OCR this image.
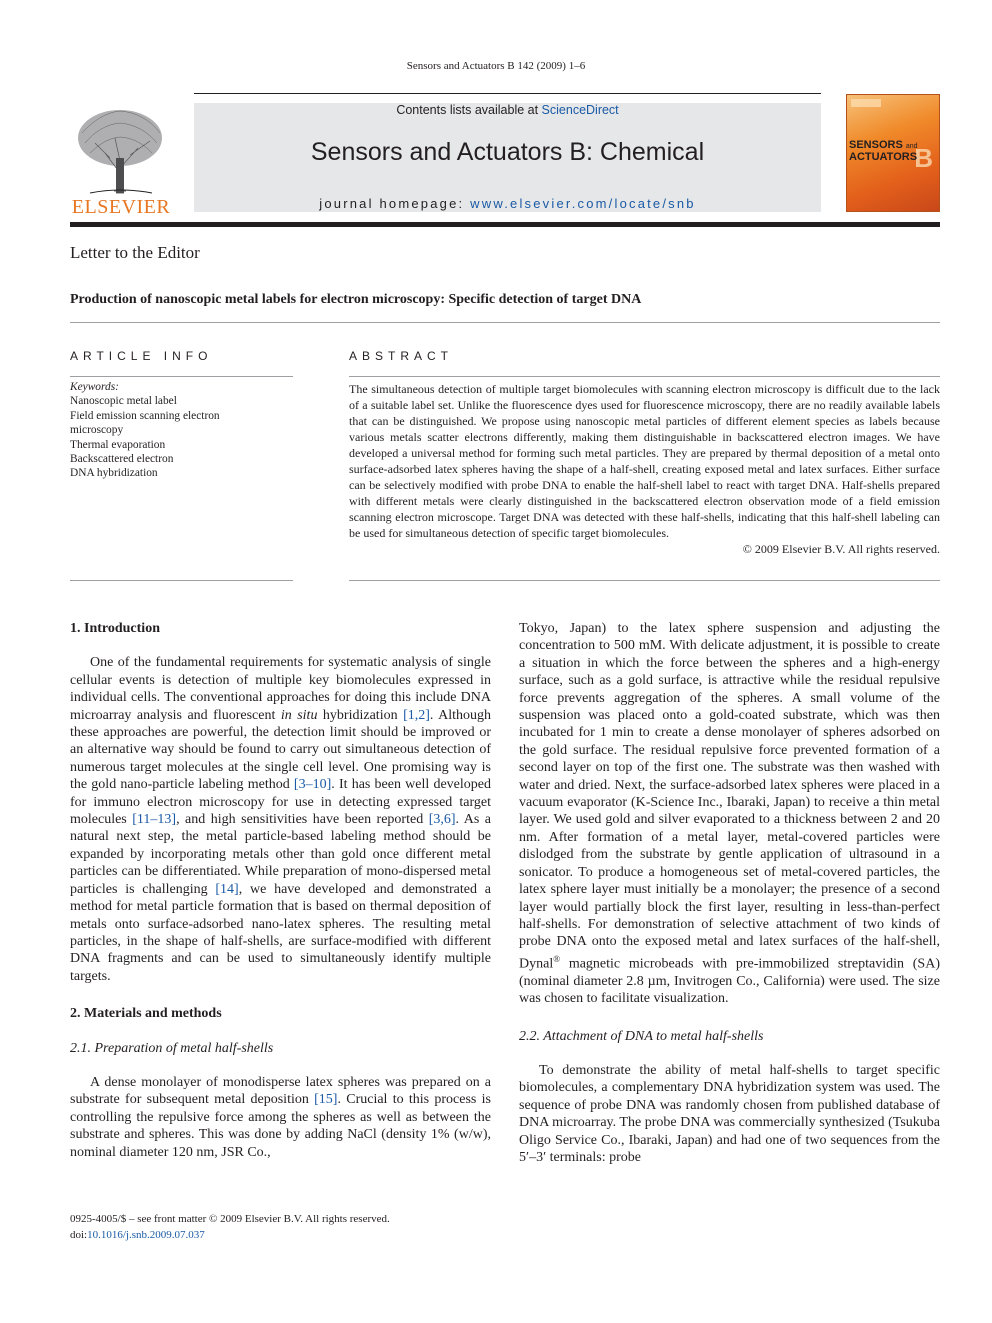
Sensors and Actuators B 142 (2009) 1–6
ELSEVIER
Contents lists available at ScienceDirect
Sensors and Actuators B: Chemical
journal homepage: www.elsevier.com/locate/snb
B
SENSORS and
ACTUATORS
Letter to the Editor
Production of nanoscopic metal labels for electron microscopy: Specific detection of target DNA
ARTICLE INFO
Keywords:
Nanoscopic metal label
Field emission scanning electron
microscopy
Thermal evaporation
Backscattered electron
DNA hybridization
ABSTRACT
The simultaneous detection of multiple target biomolecules with scanning electron microscopy is difficult due to the lack of a suitable label set. Unlike the fluorescence dyes used for fluorescence microscopy, there are no readily available labels that can be distinguished. We propose using nanoscopic metal particles of different element species as labels because various metals scatter electrons differently, making them distinguishable in backscattered electron images. We have developed a universal method for forming such metal particles. They are prepared by thermal deposition of a metal onto surface-adsorbed latex spheres having the shape of a half-shell, creating exposed metal and latex surfaces. Either surface can be selectively modified with probe DNA to enable the half-shell label to react with target DNA. Half-shells prepared with different metals were clearly distinguished in the backscattered electron observation mode of a field emission scanning electron microscope. Target DNA was detected with these half-shells, indicating that this half-shell labeling can be used for simultaneous detection of specific target biomolecules.
© 2009 Elsevier B.V. All rights reserved.

1. Introduction

One of the fundamental requirements for systematic analysis of single cellular events is detection of multiple key biomolecules expressed in individual cells. The conventional approaches for doing this include DNA microarray analysis and fluorescent in situ hybridization [1,2]. Although these approaches are powerful, the detection limit should be improved or an alternative way should be found to carry out simultaneous detection of numerous target molecules at the single cell level. One promising way is the gold nano-particle labeling method [3–10]. It has been well developed for immuno electron microscopy for use in detecting expressed target molecules [11–13], and high sensitivities have been reported [3,6]. As a natural next step, the metal particle-based labeling method should be expanded by incorporating metals other than gold once different metal particles can be differentiated. While preparation of mono-dispersed metal particles is challenging [14], we have developed and demonstrated a method for metal particle formation that is based on thermal deposition of metals onto surface-adsorbed nano-latex spheres. The resulting metal particles, in the shape of half-shells, are surface-modified with different DNA fragments and can be used to simultaneously identify multiple targets.

2. Materials and methods

2.1. Preparation of metal half-shells

A dense monolayer of monodisperse latex spheres was prepared on a substrate for subsequent metal deposition [15]. Crucial to this process is controlling the repulsive force among the spheres as well as between the substrate and spheres. This was done by adding NaCl (density 1% (w/w), nominal diameter 120 nm, JSR Co.,

Tokyo, Japan) to the latex sphere suspension and adjusting the concentration to 500 mM. With delicate adjustment, it is possible to create a situation in which the force between the spheres and a high-energy surface, such as a gold surface, is attractive while the residual repulsive force prevents aggregation of the spheres. A small volume of the suspension was placed onto a gold-coated substrate, which was then incubated for 1 min to create a dense monolayer of spheres adsorbed on the gold surface. The residual repulsive force prevented formation of a second layer on top of the first one. The substrate was then washed with water and dried. Next, the surface-adsorbed latex spheres were placed in a vacuum evaporator (K-Science Inc., Ibaraki, Japan) to receive a thin metal layer. We used gold and silver evaporated to a thickness between 2 and 20 nm. After formation of a metal layer, metal-covered particles were dislodged from the substrate by gentle application of ultrasound in a sonicator. To produce a homogeneous set of metal-covered particles, the latex sphere layer must initially be a monolayer; the presence of a second layer would partially block the first layer, resulting in less-than-perfect half-shells. For demonstration of selective attachment of two kinds of probe DNA onto the exposed metal and latex surfaces of the half-shell, Dynal® magnetic microbeads with pre-immobilized streptavidin (SA) (nominal diameter 2.8 µm, Invitrogen Co., California) were used. The size was chosen to facilitate visualization.

2.2. Attachment of DNA to metal half-shells

To demonstrate the ability of metal half-shells to target specific biomolecules, a complementary DNA hybridization system was used. The sequence of probe DNA was randomly chosen from published database of DNA microarray. The probe DNA was commercially synthesized (Tsukuba Oligo Service Co., Ibaraki, Japan) and had one of two sequences from the 5′–3′ terminals: probe

0925-4005/$ – see front matter © 2009 Elsevier B.V. All rights reserved.
doi:10.1016/j.snb.2009.07.037
